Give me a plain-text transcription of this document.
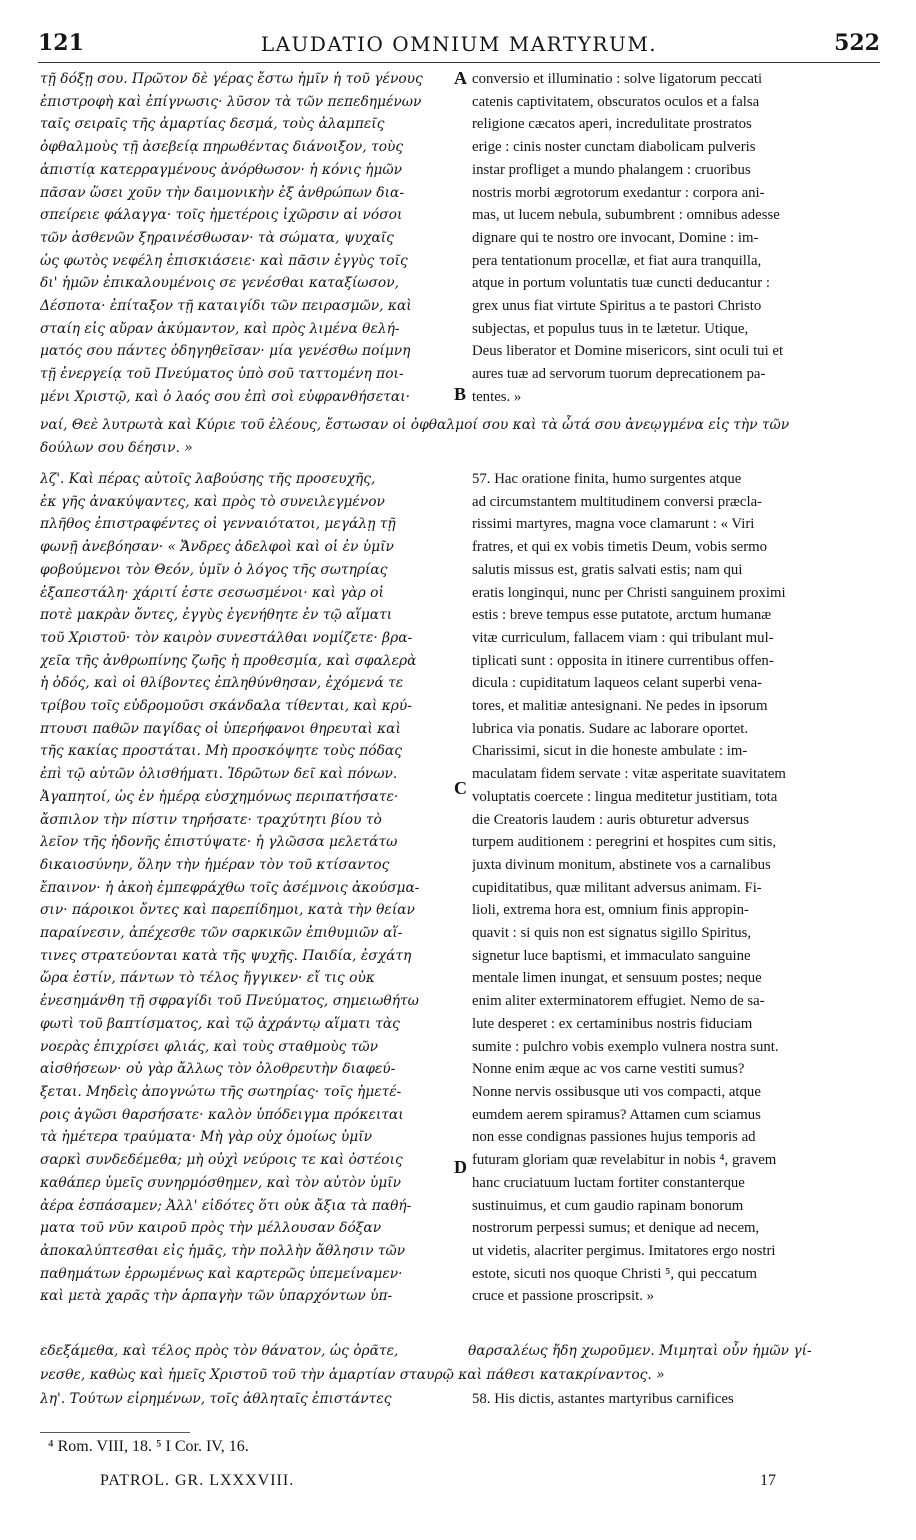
121	LAUDATIO OMNIUM MARTYRUM.	522
τῇ δόξῃ σου. Πρῶτον δὲ γέρας ἔστω ἡμῖν ἡ τοῦ γένους
ἐπιστροφὴ καὶ ἐπίγνωσις· λῦσον τὰ τῶν πεπεδημένων
ταῖς σειραῖς τῆς ἁμαρτίας δεσμά, τοὺς ἀλαμπεῖς
ὀφθαλμοὺς τῇ ἀσεβείᾳ πηρωθέντας διάνοιξον, τοὺς
ἀπιστίᾳ κατερραγμένους ἀνόρθωσον· ἡ κόνις ἡμῶν
πᾶσαν ὥσει χοῦν τὴν δαιμονικὴν ἐξ ἀνθρώπων δια-
σπείρειε φάλαγγα· τοῖς ἡμετέροις ἰχῶρσιν αἱ νόσοι
τῶν ἀσθενῶν ξηραινέσθωσαν· τὰ σώματα, ψυχαῖς
ὡς φωτὸς νεφέλη ἐπισκιάσειε· καὶ πᾶσιν ἐγγὺς τοῖς
δι' ἡμῶν ἐπικαλουμένοις σε γενέσθαι καταξίωσον,
Δέσποτα· ἐπίταξον τῇ καταιγίδι τῶν πειρασμῶν, καὶ
σταίη εἰς αὔραν ἀκύμαντον, καὶ πρὸς λιμένα θελή-
ματός σου πάντες ὁδηγηθεῖσαν· μία γενέσθω ποίμνη
τῇ ἐνεργείᾳ τοῦ Πνεύματος ὑπὸ σοῦ ταττομένη ποι-
μένι Χριστῷ, καὶ ὁ λαός σου ἐπὶ σοὶ εὐφρανθήσεται·
conversio et illuminatio : solve ligatorum peccati
catenis captivitatem, obscuratos oculos et a falsa
religione cæcatos aperi, incredulitate prostratos
erige : cinis noster cunctam diabolicam pulveris
instar profliget a mundo phalangem : cruoribus
nostris morbi ægrotorum exedantur : corpora ani-
mas, ut lucem nebula, subumbrent : omnibus adesse
dignare qui te nostro ore invocant, Domine : im-
pera tentationum procellæ, et fiat aura tranquilla,
atque in portum voluntatis tuæ cuncti deducantur :
grex unus fiat virtute Spiritus a te pastori Christo
subjectas, et populus tuus in te lætetur. Utique,
Deus liberator et Domine misericors, sint oculi tui et
aures tuæ ad servorum tuorum deprecationem pa-
tentes. »
A
B
ναί, Θεὲ λυτρωτὰ καὶ Κύριε τοῦ ἐλέους, ἔστωσαν οἱ ὀφθαλμοί σου καὶ τὰ ὦτά σου ἀνεῳγμένα εἰς τὴν τῶν
δούλων σου δέησιν. »
λζ'. Καὶ πέρας αὐτοῖς λαβούσης τῆς προσευχῆς,
ἐκ γῆς ἀνακύψαντες, καὶ πρὸς τὸ συνειλεγμένον
πλῆθος ἐπιστραφέντες οἱ γενναιότατοι, μεγάλῃ τῇ
φωνῇ ἀνεβόησαν· « Ἄνδρες ἀδελφοὶ καὶ οἱ ἐν ὑμῖν
φοβούμενοι τὸν Θεόν, ὑμῖν ὁ λόγος τῆς σωτηρίας
ἐξαπεστάλη· χάριτί ἐστε σεσωσμένοι· καὶ γὰρ οἱ
ποτὲ μακρὰν ὄντες, ἐγγὺς ἐγενήθητε ἐν τῷ αἵματι
τοῦ Χριστοῦ· τὸν καιρὸν συνεστάλθαι νομίζετε· βρα-
χεῖα τῆς ἀνθρωπίνης ζωῆς ἡ προθεσμία, καὶ σφαλερὰ
ἡ ὁδός, καὶ οἱ θλίβοντες ἐπληθύνθησαν, ἐχόμενά τε
τρίβου τοῖς εὐδρομοῦσι σκάνδαλα τίθενται, καὶ κρύ-
πτουσι παθῶν παγίδας οἱ ὑπερήφανοι θηρευταὶ καὶ
τῆς κακίας προστάται. Μὴ προσκόψητε τοὺς πόδας
ἐπὶ τῷ αὐτῶν ὀλισθήματι. Ἱδρῶτων δεῖ καὶ πόνων.
Ἀγαπητοί, ὡς ἐν ἡμέρᾳ εὐσχημόνως περιπατήσατε·
ἄσπιλον τὴν πίστιν τηρήσατε· τραχύτητι βίου τὸ
λεῖον τῆς ἡδονῆς ἐπιστύψατε· ἡ γλῶσσα μελετάτω
δικαιοσύνην, ὅλην τὴν ἡμέραν τὸν τοῦ κτίσαντος
ἔπαινον· ἡ ἀκοὴ ἐμπεφράχθω τοῖς ἀσέμνοις ἀκούσμα-
σιν· πάροικοι ὄντες καὶ παρεπίδημοι, κατὰ τὴν θείαν
παραίνεσιν, ἀπέχεσθε τῶν σαρκικῶν ἐπιθυμιῶν αἵ-
τινες στρατεύονται κατὰ τῆς ψυχῆς. Παιδία, ἐσχάτη
ὥρα ἐστίν, πάντων τὸ τέλος ἤγγικεν· εἴ τις οὐκ
ἐνεσημάνθη τῇ σφραγίδι τοῦ Πνεύματος, σημειωθήτω
φωτὶ τοῦ βαπτίσματος, καὶ τῷ ἀχράντῳ αἵματι τὰς
νοερὰς ἐπιχρίσει φλιάς, καὶ τοὺς σταθμοὺς τῶν
αἰσθήσεων· οὐ γὰρ ἄλλως τὸν ὀλοθρευτὴν διαφεύ-
ξεται. Μηδεὶς ἀπογνώτω τῆς σωτηρίας· τοῖς ἡμετέ-
ροις ἀγῶσι θαρσήσατε· καλὸν ὑπόδειγμα πρόκειται
τὰ ἡμέτερα τραύματα· Μὴ γὰρ οὐχ ὁμοίως ὑμῖν
σαρκὶ συνδεδέμεθα; μὴ οὐχὶ νεύροις τε καὶ ὀστέοις
καθάπερ ὑμεῖς συνηρμόσθημεν, καὶ τὸν αὐτὸν ὑμῖν
ἀέρα ἐσπάσαμεν; Ἀλλ' εἰδότες ὅτι οὐκ ἄξια τὰ παθή-
ματα τοῦ νῦν καιροῦ πρὸς τὴν μέλλουσαν δόξαν
ἀποκαλύπτεσθαι εἰς ἡμᾶς, τὴν πολλὴν ἄθλησιν τῶν
παθημάτων ἐρρωμένως καὶ καρτερῶς ὑπεμείναμεν·
καὶ μετὰ χαρᾶς τὴν ἁρπαγὴν τῶν ὑπαρχόντων ὑπ-
57. Hac oratione finita, humo surgentes atque
ad circumstantem multitudinem conversi præcla-
rissimi martyres, magna voce clamarunt : « Viri
fratres, et qui ex vobis timetis Deum, vobis sermo
salutis missus est, gratis salvati estis; nam qui
eratis longinqui, nunc per Christi sanguinem proximi
estis : breve tempus esse putatote, arctum humanæ
vitæ curriculum, fallacem viam : qui tribulant mul-
tiplicati sunt : opposita in itinere currentibus offen-
dicula : cupiditatum laqueos celant superbi vena-
tores, et malitiæ antesignani. Ne pedes in ipsorum
lubrica via ponatis. Sudare ac laborare oportet.
Charissimi, sicut in die honeste ambulate : im-
maculatam fidem servate : vitæ asperitate suavitatem
voluptatis coercete : lingua meditetur justitiam, tota
die Creatoris laudem : auris obturetur adversus
turpem auditionem : peregrini et hospites cum sitis,
juxta divinum monitum, abstinete vos a carnalibus
cupiditatibus, quæ militant adversus animam. Fi-
lioli, extrema hora est, omnium finis appropin-
quavit : si quis non est signatus sigillo Spiritus,
signetur luce baptismi, et immaculato sanguine
mentale limen inungat, et sensuum postes; neque
enim aliter exterminatorem effugiet. Nemo de sa-
lute desperet : ex certaminibus nostris fiduciam
sumite : pulchro vobis exemplo vulnera nostra sunt.
Nonne enim æque ac vos carne vestiti sumus?
Nonne nervis ossibusque uti vos compacti, atque
eumdem aerem spiramus? Attamen cum sciamus
non esse condignas passiones hujus temporis ad
futuram gloriam quæ revelabitur in nobis ⁴, gravem
hanc cruciatuum luctam fortiter constanterque
sustinuimus, et cum gaudio rapinam bonorum
nostrorum perpessi sumus; et denique ad necem,
ut videtis, alacriter pergimus. Imitatores ergo nostri
estote, sicuti nos quoque Christi ⁵, qui peccatum
cruce et passione proscripsit. »
C
D
εδεξάμεθα, καὶ τέλος πρὸς τὸν θάνατον, ὡς ὁρᾶτε,	θαρσαλέως ἤδη χωροῦμεν. Μιμηταὶ οὖν ἡμῶν γί-
νεσθε, καθὼς καὶ ἡμεῖς Χριστοῦ τοῦ τὴν ἁμαρτίαν σταυρῷ καὶ πάθεσι κατακρίναντος. »
λη'. Τούτων εἰρημένων, τοῖς ἀθληταῖς ἐπιστάντες	58. His dictis, astantes martyribus carnifices
⁴ Rom. VIII, 18. ⁵ I Cor. IV, 16.
PATROL. GR. LXXXVIII.	17
